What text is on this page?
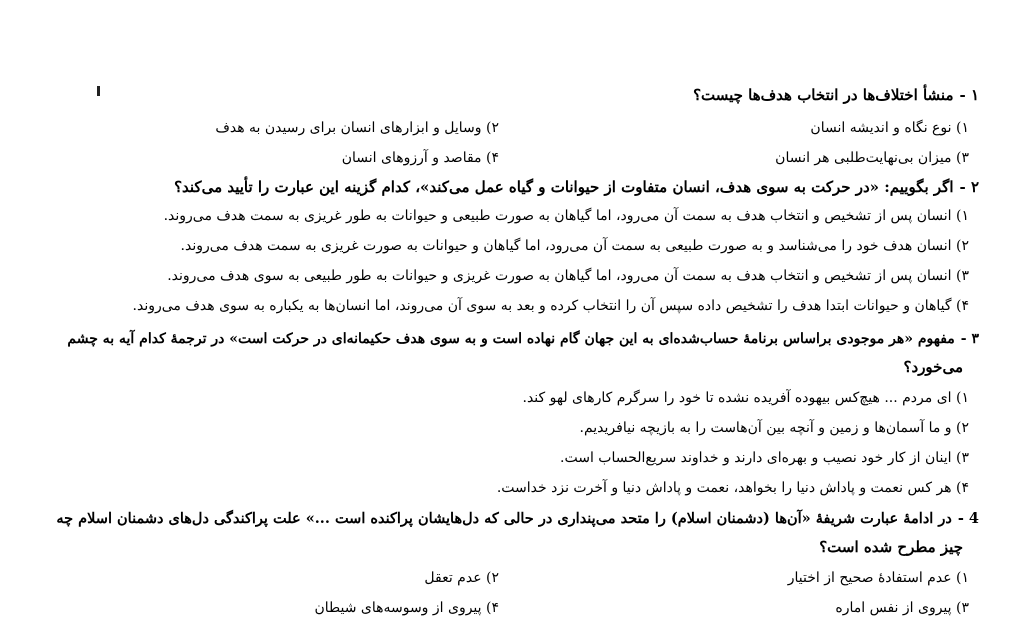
۱ -منشأ اختلاف‌ها در انتخاب هدف‌ها چیست؟
۱) نوع نگاه و اندیشه انسان
۲) وسایل و ابزارهای انسان برای رسیدن به هدف
۳) میزان بی‌نهایت‌طلبی هر انسان
۴) مقاصد و آرزوهای انسان
۲ -اگر بگوییم: «در حرکت به سوی هدف، انسان متفاوت از حیوانات و گیاه عمل می‌کند»، کدام گزینه این عبارت را تأیید می‌کند؟
۱) انسان پس از تشخیص و انتخاب هدف به سمت آن می‌رود، اما گیاهان به صورت طبیعی و حیوانات به طور غریزی به سمت هدف می‌روند.
۲) انسان هدف خود را می‌شناسد و به صورت طبیعی به سمت آن می‌رود، اما گیاهان و حیوانات به صورت غریزی به سمت هدف می‌روند.
۳) انسان پس از تشخیص و انتخاب هدف به سمت آن می‌رود، اما گیاهان به صورت غریزی و حیوانات به طور طبیعی به سوی هدف می‌روند.
۴) گیاهان و حیوانات ابتدا هدف را تشخیص داده سپس آن را انتخاب کرده و بعد به سوی آن می‌روند، اما انسان‌ها به یکباره به سوی هدف می‌روند.
۳ -مفهوم «هر موجودی براساس برنامهٔ حساب‌شده‌ای به این جهان گام نهاده است و به سوی هدف حکیمانه‌ای در حرکت است» در ترجمهٔ کدام آیه به چشم
می‌خورد؟
۱) ای مردم ... هیچ‌کس بیهوده آفریده نشده تا خود را سرگرم کارهای لهو کند.
۲) و ما آسمان‌ها و زمین و آنچه بین آن‌هاست را به بازیچه نیافریدیم.
۳) اینان از کار خود نصیب و بهره‌ای دارند و خداوند سریع‌الحساب است.
۴) هر کس نعمت و پاداش دنیا را بخواهد، نعمت و پاداش دنیا و آخرت نزد خداست.
4 -در ادامهٔ عبارت شریفهٔ «آن‌ها (دشمنان اسلام) را متحد می‌پنداری در حالی که دل‌هایشان پراکنده است ...» علت پراکندگی دل‌های دشمنان اسلام چه
چیز مطرح شده است؟
۱) عدم استفادهٔ صحیح از اختیار
۲) عدم تعقل
۳) پیروی از نفس اماره
۴) پیروی از وسوسه‌های شیطان
